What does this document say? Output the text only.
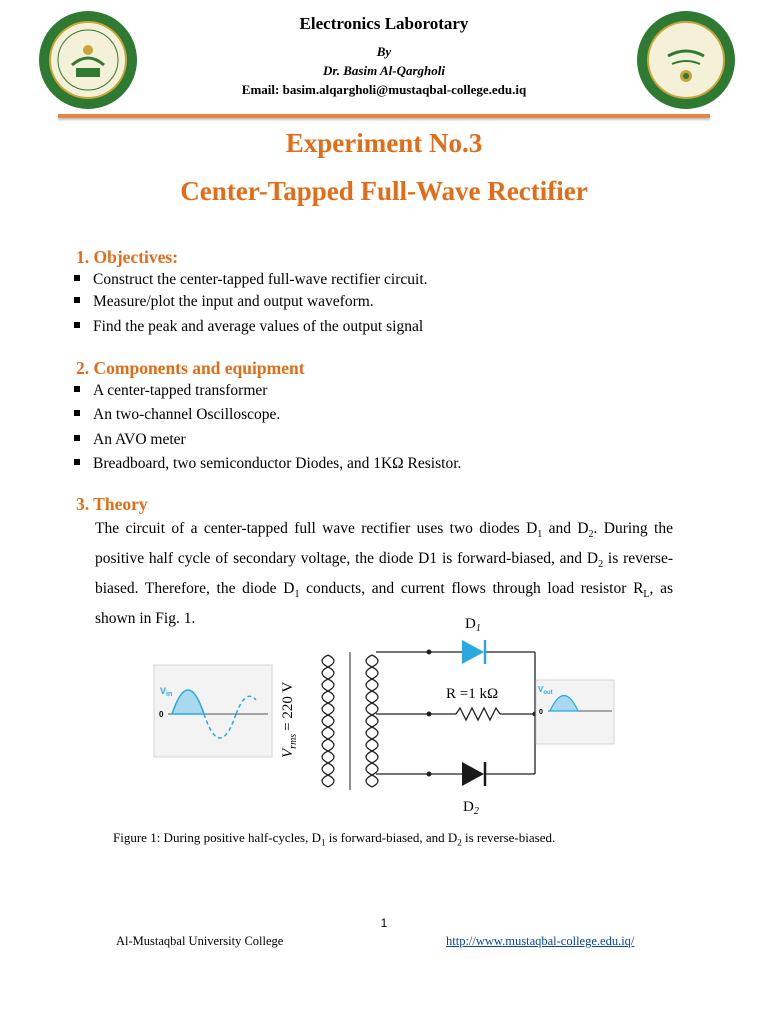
Electronics Laborotary
By
Dr. Basim Al-Qargholi
Email: basim.alqargholi@mustaqbal-college.edu.iq
Experiment No.3
Center-Tapped Full-Wave Rectifier
1. Objectives:
Construct the center-tapped full-wave rectifier circuit.
Measure/plot the input and output waveform.
Find the peak and average values of the output signal
2. Components and equipment
A center-tapped transformer
An two-channel Oscilloscope.
An AVO meter
Breadboard, two semiconductor Diodes, and 1KΩ Resistor.
3. Theory
The circuit of a center-tapped full wave rectifier uses two diodes $D_1$ and $D_2$. During the positive half cycle of secondary voltage, the diode D1 is forward-biased, and $D_2$ is reverse-biased. Therefore, the diode $D_1$ conducts, and current flows through load resistor $R_L$, as shown in Fig. 1.
$V_{in}$
0
$V_{rms}= 220$ V
$D_1$
$D_2$
R =1 kΩ	$V_{out}$
0
Figure 1: During positive half-cycles, $D_1$ is forward-biased, and $D_2$ is reverse-biased.
1
Al-Mustaqbal University College	http://www.mustaqbal-college.edu.iq/
